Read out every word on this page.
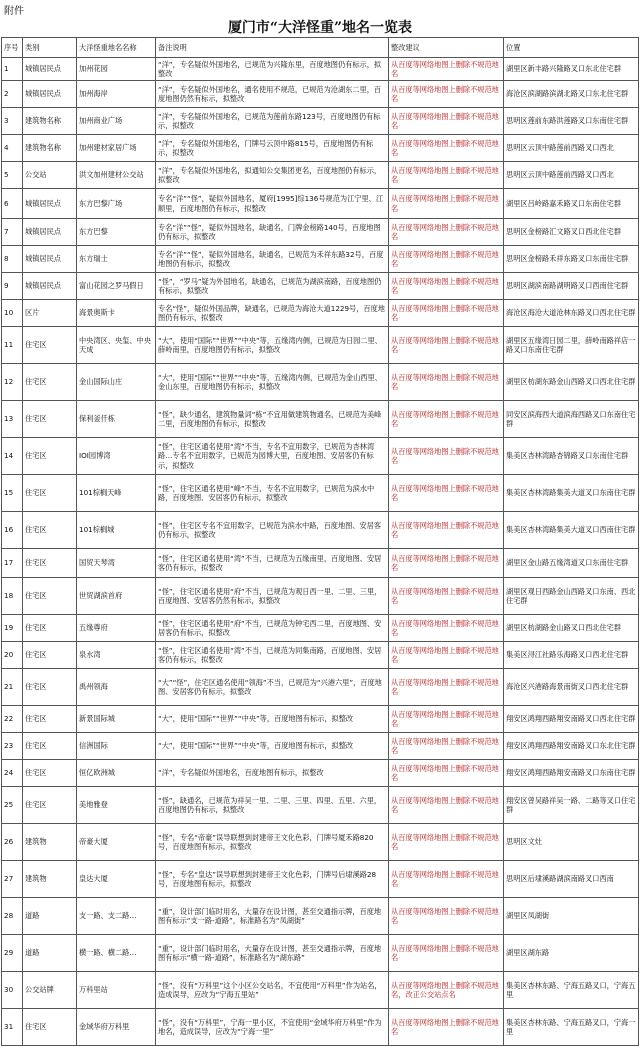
附件
厦门市“大洋怪重”地名一览表
序号	类别	大洋怪重地名名称	备注说明	整改建议	位置
1	城镇居民点	加州花园	“洋”，专名疑似外国地名，已规范为兴隆东里，百度地图仍有标示，拟整改	从百度等网络地图上删除不规范地名	湖里区新丰路兴隆路叉口东北住宅群
2	城镇居民点	加州海岸	“洋”，专名疑似外国地名，通名使用不规范，已规范为沧湖东二里，百度地图仍然有标示，拟整改	从百度等网络地图上删除不规范地名	海沧区滨湖路滨湖北路叉口东北住宅群
3	建筑物名称	加州商业广场	“洋”，专名疑似外国地名，已规范为莲前东路123号，百度地图仍有标示，拟整改	从百度等网络地图上删除不规范地名	思明区莲前东路洪莲路叉口东南住宅群
4	建筑物名称	加州建材家居广场	“洋”，专名疑似外国地名，门牌号云顶中路815号，百度地图仍有标示，拟整改	从百度等网络地图上删除不规范地名	思明区云顶中路莲前西路叉口西北
5	公交站	洪文加州建材公交站	“洋”，专名疑似外国地名，拟通知公交集团更名，百度地图仍有标示，拟整改	从百度等网络地图上删除不规范地名	思明区云顶中路莲前西路叉口西北
6	城镇居民点	东方巴黎广场	专名“洋”“怪”，疑似外国地名，厦府[1995]综136号规范为江宁里、江顺里，百度地图仍有标示，拟整改	从百度等网络地图上删除不规范地名	湖里区吕岭路嘉禾路叉口东南住宅群
7	城镇居民点	东方巴黎	专名“洋”“怪”，疑似外国地名，缺通名，门牌金榜路140号，百度地图仍有标示，拟整改	从百度等网络地图上删除不规范地名	思明区金榜路汇文路叉口西北住宅群
8	城镇居民点	东方瑞士	专名“洋”“怪”，疑似外国地名，缺通名，已规范为禾祥东路32号，百度地图仍有标示，拟整改	从百度等网络地图上删除不规范地名	思明区金榜路禾祥东路叉口东南住宅群
9	城镇居民点	富山花园之罗马假日	“怪”，“罗马”疑为外国地名，缺通名，已规范为湖滨南路，百度地图仍有标示，拟整改	从百度等网络地图上删除不规范地名	思明区湖滨南路湖明路叉口西南住宅群
10	区片	海景奥斯卡	专名“怪”，疑似外国品牌，缺通名，已规范为海沧大道1229号，百度地图仍有标示，拟整改	从百度等网络地图上删除不规范地名	海沧区海沧大道沧林东路叉口西北住宅群
11	住宅区	中央湾区、央玺、中央天成	“大”，使用“国际”“世界”“中央”等，五缘湾内侧，已规范为日园二里、薛岭南里，百度地图仍有标示，拟整改	从百度等网络地图上删除不规范地名	湖里区五缘湾日园二里，薛岭南路祥店一路叉口东南住宅群
12	住宅区	金山国际山庄	“大”，使用“国际”“世界”“中央”等，五缘湾内侧，已规范为金山西里、金山东里，百度地图仍有标示，拟整改	从百度等网络地图上删除不规范地名	湖里区枋湖东路金山西路叉口西北住宅群
13	住宅区	保利釜仟栋	“怪”，缺少通名，建筑物量词“栋”不宜用做建筑物通名，已规范为美峰二里，百度地图仍有标示，拟整改	从百度等网络地图上删除不规范地名	同安区滨海西大道滨海西路叉口东南住宅群
14	住宅区	IOI园博湾	“怪”，住宅区通名使用“湾”不当，专名不宜用数字，已规范为杏林湾路…专名不宜用数字，已规范为园博大里，百度地图、安居客仍有标示，拟整改	从百度等网络地图上删除不规范地名	集美区杏林湾路杏锦路叉口东南住宅群
15	住宅区	101棕榈天峰	“怪”，住宅区通名使用“峰”不当，专名不宜用数字，已规范为滨水中路，百度地图、安居客仍有标示，拟整改	从百度等网络地图上删除不规范地名	集美区杏林湾路集美大道叉口东南住宅群
16	住宅区	101棕榈城	“怪”，住宅区专名不宜用数字，已规范为滨水中路，百度地图、安居客仍有标示，拟整改	从百度等网络地图上删除不规范地名	集美区杏林湾路集美大道叉口西南住宅群
17	住宅区	国贸天琴湾	“怪”，住宅区通名使用“湾”不当，已规范为五缘南里，百度地图、安居客仍有标示，拟整改	从百度等网络地图上删除不规范地名	湖里区金山路五缘湾道叉口东南住宅群
18	住宅区	世贸湖滨首府	“怪”，住宅区通名使用“府”不当，已规范为观日西一里、二里、三里，百度地图、安居客仍然有标示，拟整改	从百度等网络地图上删除不规范地名	湖里区观日西路金山西路叉口东南、西北住宅群
19	住宅区	五缘尊府	“怪”，住宅区通名使用“府”不当，已规范为钟宅西二里，百度地图、安居客仍有标示，拟整改	从百度等网络地图上删除不规范地名	湖里区枋湖路金山路叉口西北住宅群
20	住宅区	泉水湾	“怪”，住宅区通名使用“湾”不当，已规范为同集南路，百度地图、安居客仍有标示，拟整改	从百度等网络地图上删除不规范地名	集美区浔江社路乐海路叉口西北住宅群
21	住宅区	禹州领海	“大”“怪”，住宅区通名使用“领海”不当，已规范为“兴港六里”，百度地图、安居客仍有标示，拟整改	从百度等网络地图上删除不规范地名	海沧区兴港路海景南街叉口西北住宅群
22	住宅区	新景国际城	“大”，使用“国际”“世界”“中央”等，百度地图有标示，拟整改	从百度等网络地图上删除不规范地名	翔安区鸿翔西路翔安南路叉口西北住宅群
23	住宅区	信洲国际	“大”，使用“国际”“世界”“中央”等，百度地图有标示，拟整改	从百度等网络地图上删除不规范地名	翔安区鸿翔西路翔安南路叉口东北住宅群
24	住宅区	恒亿欧洲城	“洋”，专名疑似外国地名，百度地图有标示，拟整改	从百度等网络地图上删除不规范地名	翔安区鸿翔西路翔安南路叉口东南住宅群
25	住宅区	美地雅登	“怪”，缺通名，已规范为祥吴一里、二里、三里、四里、五里、六里，百度地图仍有标示，拟整改	从百度等网络地图上删除不规范地名	翔安区曾吴路祥吴一路、二路等叉口住宅群
26	建筑物	帝豪大厦	“怪”，专名“帝豪”误导联想到封建帝王文化色彩，门牌号厦禾路820号，百度地图有标示，拟整改	从百度等网络地图上删除不规范地名	思明区文灶
27	建筑物	皇达大厦	“怪”，专名“皇达”误导联想到封建帝王文化色彩，门牌号后埭溪路28号，百度地图有标示，拟整改	从百度等网络地图上删除不规范地名	思明区后埭溪路湖滨南路叉口西南
28	道路	支一路、支二路…	“重”，设计部门临时用名，大量存在设计图，甚至交通指示牌，百度地图有标示“支一路-道路”，标准路名为“凤湖街”	从百度等网络地图上删除不规范地名	湖里区凤湖街
29	道路	横一路、横二路…	“重”，设计部门临时用名，大量存在设计图，甚至交通指示牌，百度地图有标示“横一路-道路”，标准路名为“湖东路”	从百度等网络地图上删除不规范地名	湖里区湖东路
30	公交站牌	万科里站	“怪”，没有“万科里”这个小区公交站名，不宜使用“万科里”作为站名，造成误导，应改为“宁海五里站”	从百度等网络地图上删除不规范地名，改正公交站点名	集美区杏林东路、宁海五路叉口，宁海五里
31	住宅区	金域华府万科里	“怪”，没有“万科里”，宁海一里小区，不宜使用“金域华府万科里”作为地名，造成误导，应改为“宁海一里”	从百度等网络地图上删除不规范地名	集美区杏林东路、宁海五路叉口，宁海一里
